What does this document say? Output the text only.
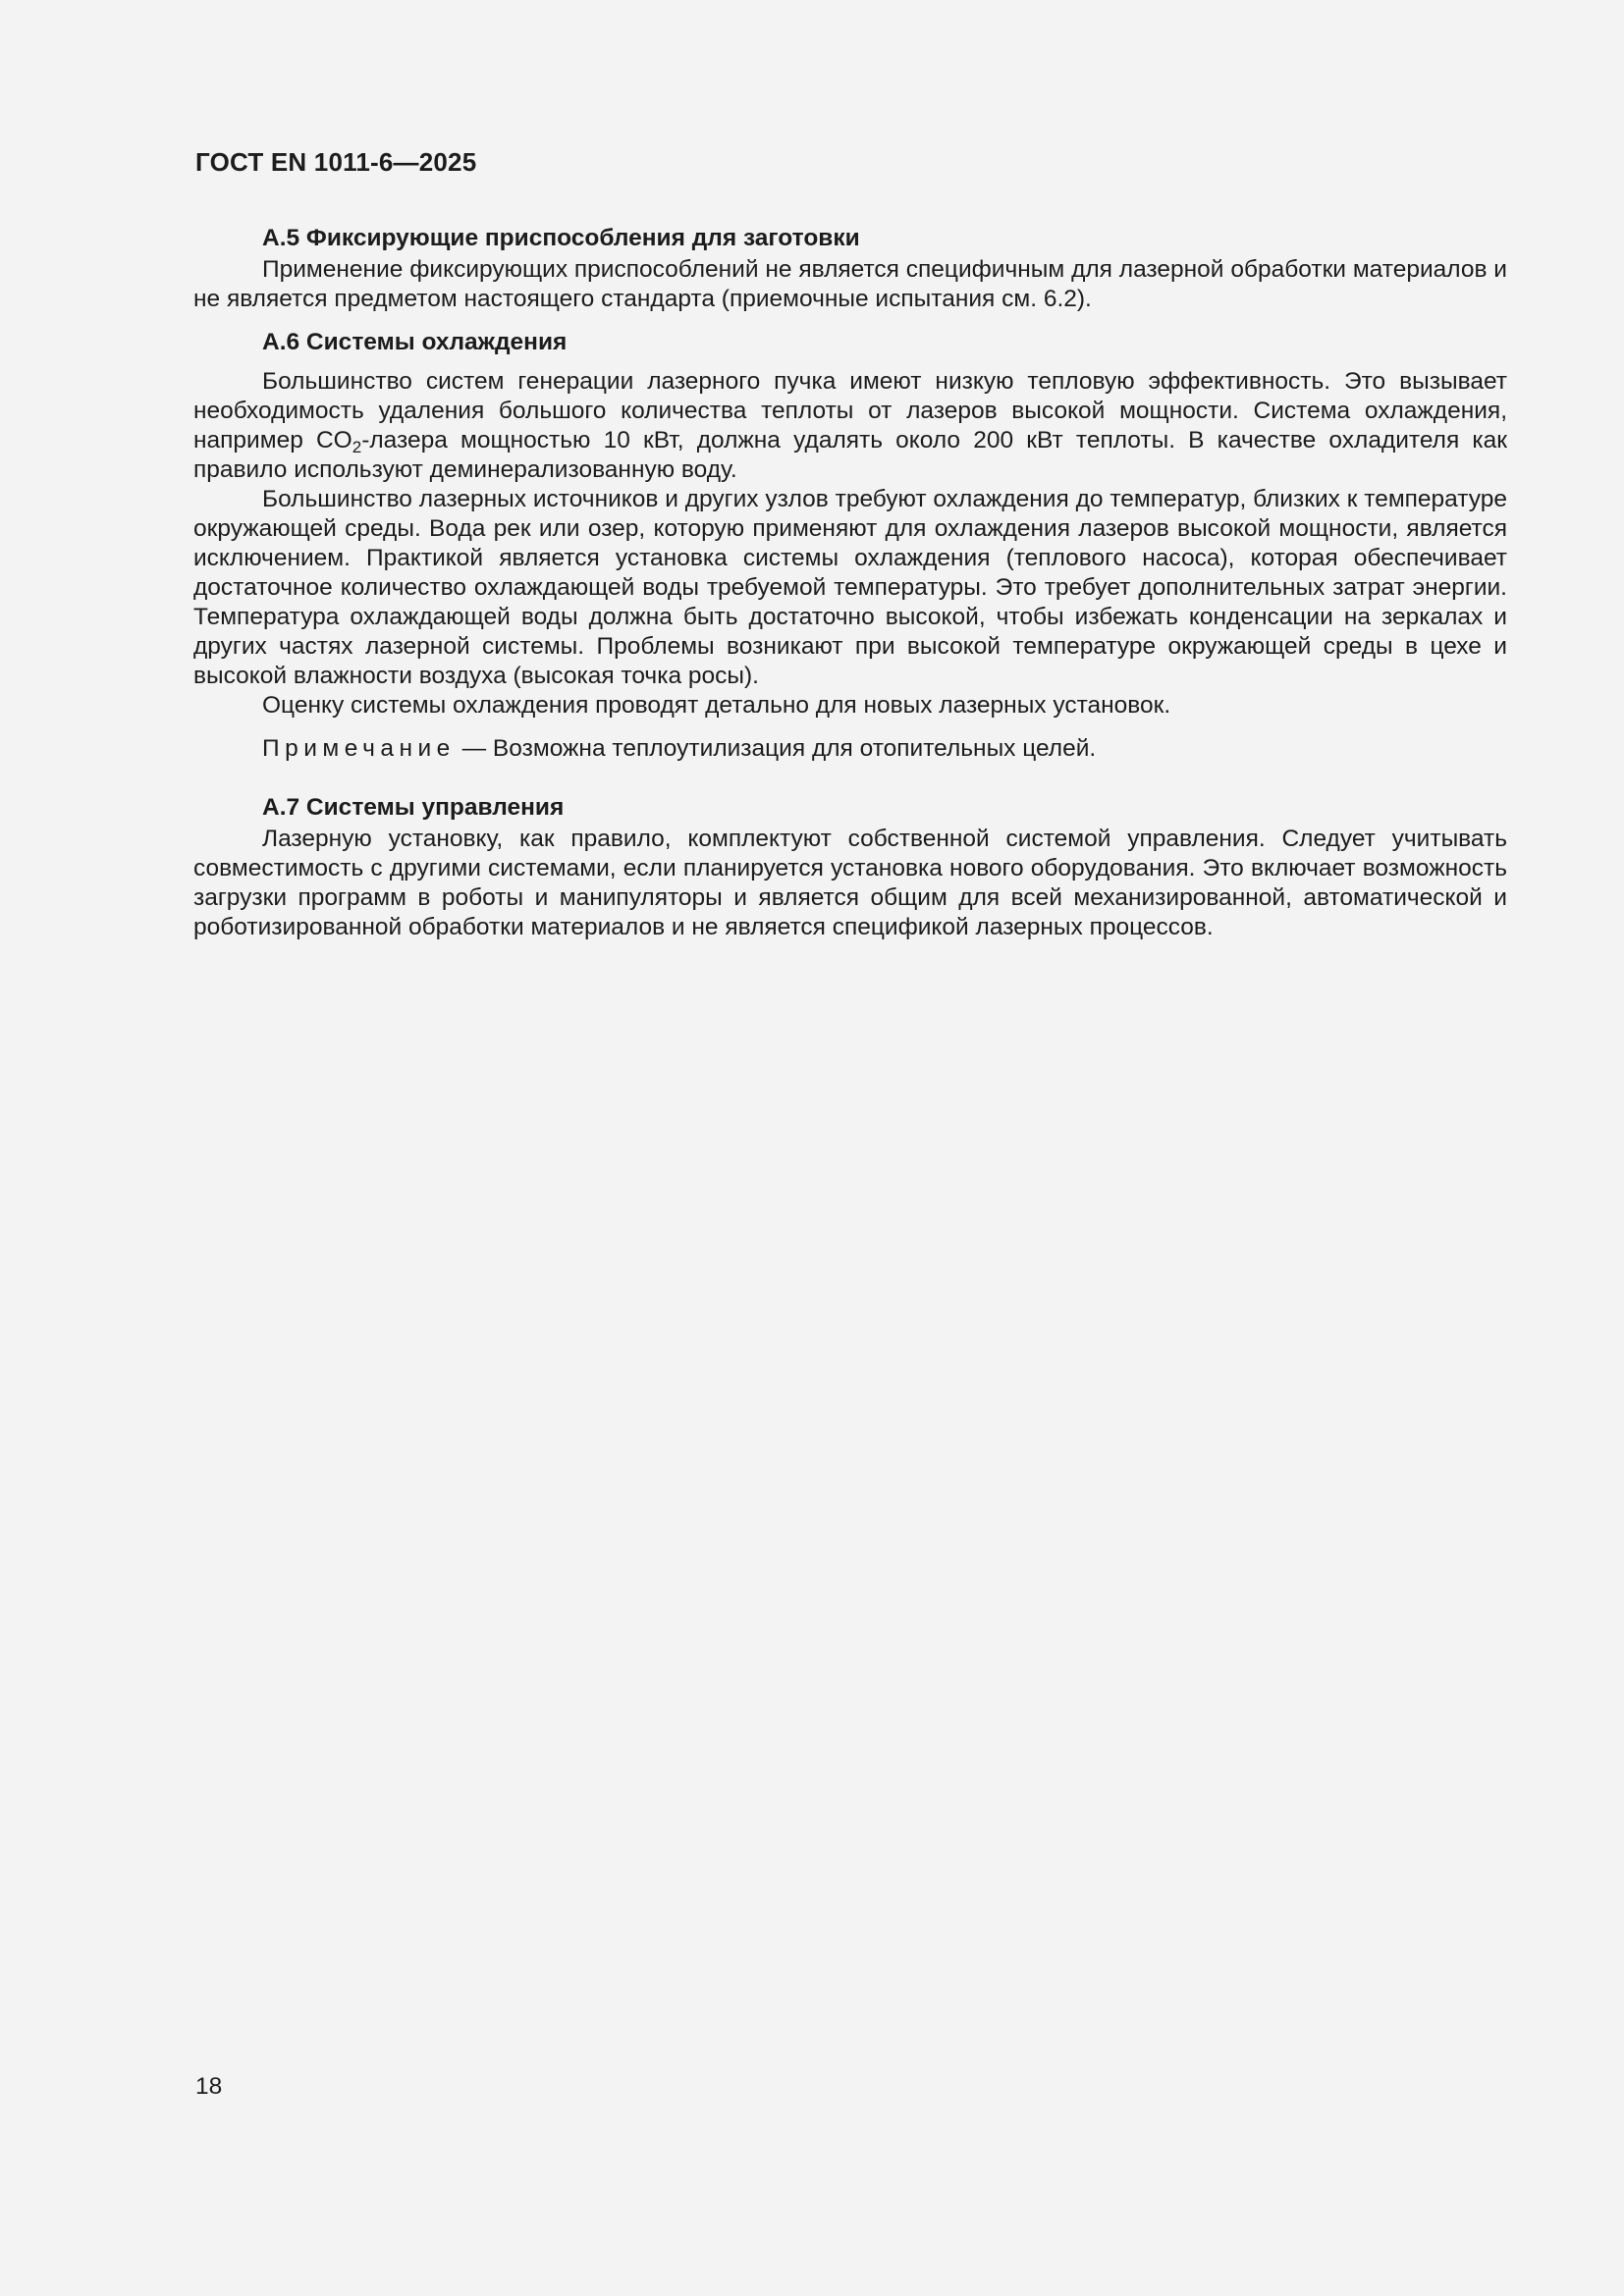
ГОСТ EN 1011-6—2025
А.5 Фиксирующие приспособления для заготовки

Применение фиксирующих приспособлений не является специфичным для лазерной обработки материалов и не является предметом настоящего стандарта (приемочные испытания см. 6.2).

А.6 Системы охлаждения

Большинство систем генерации лазерного пучка имеют низкую тепловую эффективность. Это вызывает необходимость удаления большого количества теплоты от лазеров высокой мощности. Система охлаждения, например $CO_2$-лазера мощностью 10 кВт, должна удалять около 200 кВт теплоты. В качестве охладителя как правило используют деминерализованную воду.

Большинство лазерных источников и других узлов требуют охлаждения до температур, близких к температуре окружающей среды. Вода рек или озер, которую применяют для охлаждения лазеров высокой мощности, является исключением. Практикой является установка системы охлаждения (теплового насоса), которая обеспечивает достаточное количество охлаждающей воды требуемой температуры. Это требует дополнительных затрат энергии. Температура охлаждающей воды должна быть достаточно высокой, чтобы избежать конденсации на зеркалах и других частях лазерной системы. Проблемы возникают при высокой температуре окружающей среды в цехе и высокой влажности воздуха (высокая точка росы).

Оценку системы охлаждения проводят детально для новых лазерных установок.

Примечание — Возможна теплоутилизация для отопительных целей.

А.7 Системы управления

Лазерную установку, как правило, комплектуют собственной системой управления. Следует учитывать совместимость с другими системами, если планируется установка нового оборудования. Это включает возможность загрузки программ в роботы и манипуляторы и является общим для всей механизированной, автоматической и роботизированной обработки материалов и не является спецификой лазерных процессов.

18
